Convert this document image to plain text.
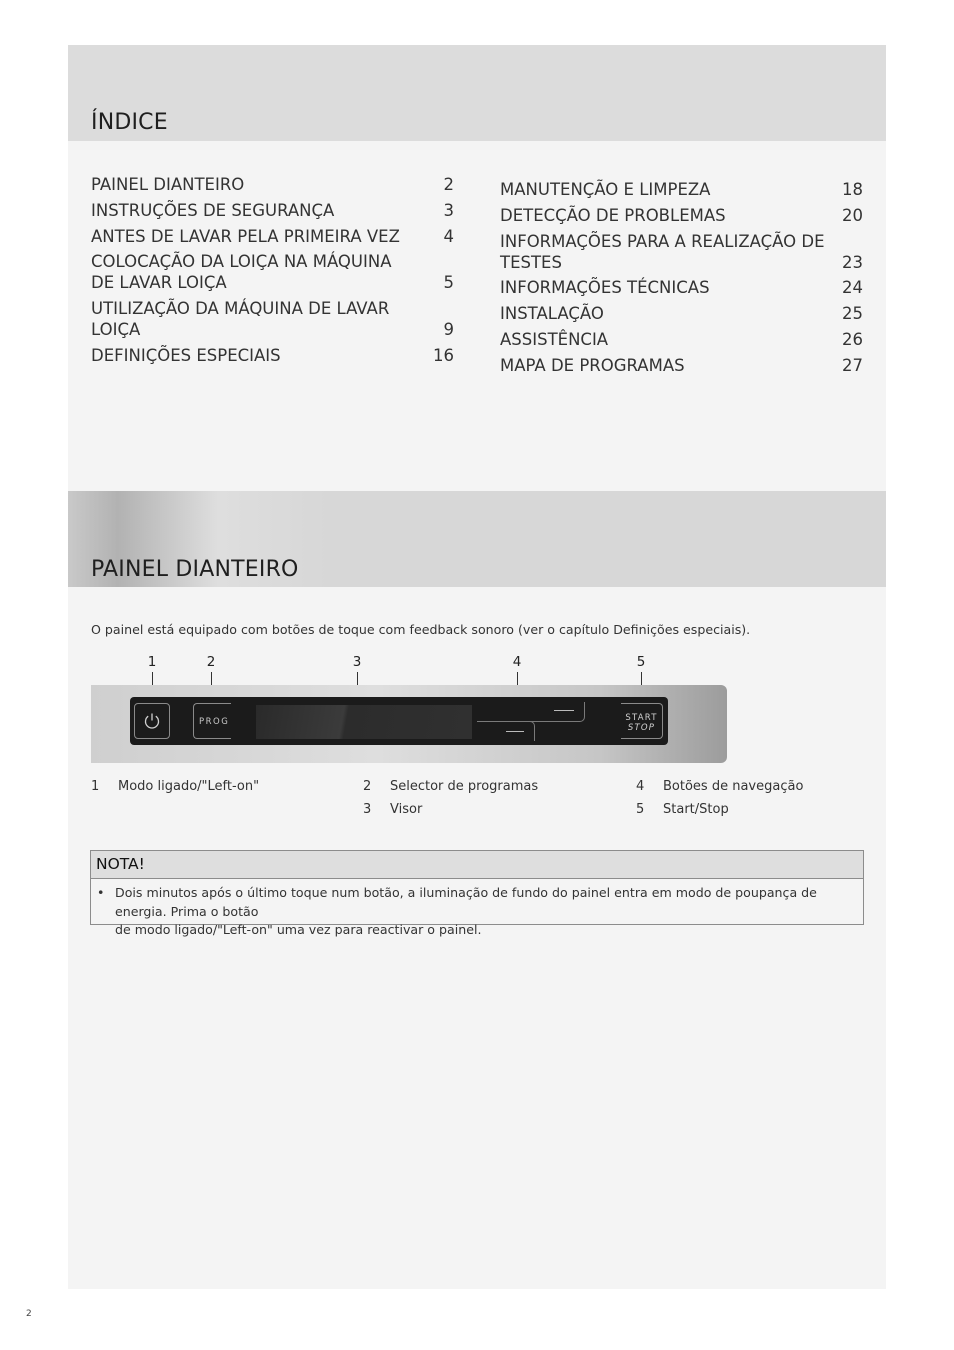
ÍNDICE
PAINEL DIANTEIRO	2
INSTRUÇÕES DE SEGURANÇA	3
ANTES DE LAVAR PELA PRIMEIRA VEZ	4
COLOCAÇÃO DA LOIÇA NA MÁQUINA
DE LAVAR LOIÇA	5
UTILIZAÇÃO DA MÁQUINA DE LAVAR
LOIÇA	9
DEFINIÇÕES ESPECIAIS	16
MANUTENÇÃO E LIMPEZA	18
DETECÇÃO DE PROBLEMAS	20
INFORMAÇÕES PARA A REALIZAÇÃO DE
TESTES	23
INFORMAÇÕES TÉCNICAS	24
INSTALAÇÃO	25
ASSISTÊNCIA	26
MAPA DE PROGRAMAS	27
PAINEL DIANTEIRO
O painel está equipado com botões de toque com feedback sonoro (ver o capítulo Definições especiais).
1	2	3	4	5
PROG	START
STOP
1 Modo ligado/"Left-on"	2 Selector de programas
3 Visor
4 Botões de navegação
5 Start/Stop
NOTA!
• Dois minutos após o último toque num botão, a iluminação de fundo do painel entra em modo de poupança de energia. Prima o botão
de modo ligado/"Left-on" uma vez para reactivar o painel.
2
